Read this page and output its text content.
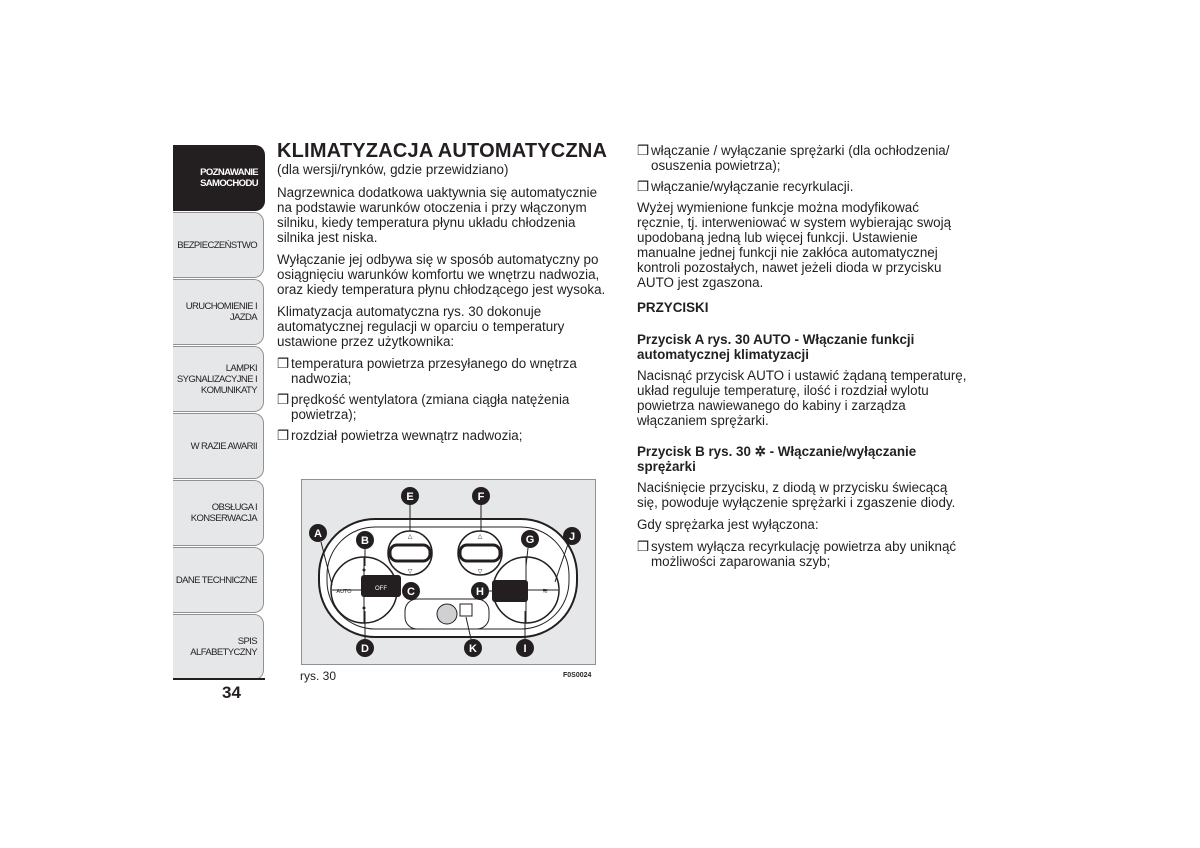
POZNAWANIE
SAMOCHODU
BEZPIECZEŃSTWO
URUCHOMIENIE I
JAZDA
LAMPKI
SYGNALIZACYJNE I
KOMUNIKATY
W RAZIE AWARII
OBSŁUGA I
KONSERWACJA
DANE TECHNICZNE
SPIS ALFABETYCZNY
34
KLIMATYZACJA AUTOMATYCZNA
(dla wersji/rynków, gdzie przewidziano)

Nagrzewnica dodatkowa uaktywnia się automatycznie na podstawie warunków otoczenia i przy włączonym silniku, kiedy temperatura płynu układu chłodzenia silnika jest niska.

Wyłączanie jej odbywa się w sposób automatyczny po osiągnięciu warunków komfortu we wnętrzu nadwozia, oraz kiedy temperatura płynu chłodzącego jest wysoka.

Klimatyzacja automatyczna rys. 30 dokonuje automatycznej regulacji w oparciu o temperatury ustawione przez użytkownika:

❒ temperatura powietrza przesyłanego do wnętrza nadwozia;
❒ prędkość wentylatora (zmiana ciągła natężenia powietrza);
❒ rozdział powietrza wewnątrz nadwozia;
OFF
AUTO
△
▽
△
▽
≋
A
B
C
D
E	F
G
H
I
J
K
rys. 30	F0S0024
❒ włączanie / wyłączanie sprężarki (dla ochłodzenia/ osuszenia powietrza);
❒ włączanie/wyłączanie recyrkulacji.

Wyżej wymienione funkcje można modyfikować ręcznie, tj. interweniować w system wybierając swoją upodobaną jedną lub więcej funkcji. Ustawienie manualne jednej funkcji nie zakłóca automatycznej kontroli pozostałych, nawet jeżeli dioda w przycisku AUTO jest zgaszona.

PRZYCISKI
Przycisk A rys. 30 AUTO - Włączanie funkcji automatycznej klimatyzacji

Nacisnąć przycisk AUTO i ustawić żądaną temperaturę, układ reguluje temperaturę, ilość i rozdział wylotu powietrza nawiewanego do kabiny i zarządza włączaniem sprężarki.

Przycisk B rys. 30 ✲ - Włączanie/wyłączanie sprężarki

Naciśnięcie przycisku, z diodą w przycisku świecącą się, powoduje wyłączenie sprężarki i zgaszenie diody.

Gdy sprężarka jest wyłączona:

❒ system wyłącza recyrkulację powietrza aby uniknąć możliwości zaparowania szyb;
